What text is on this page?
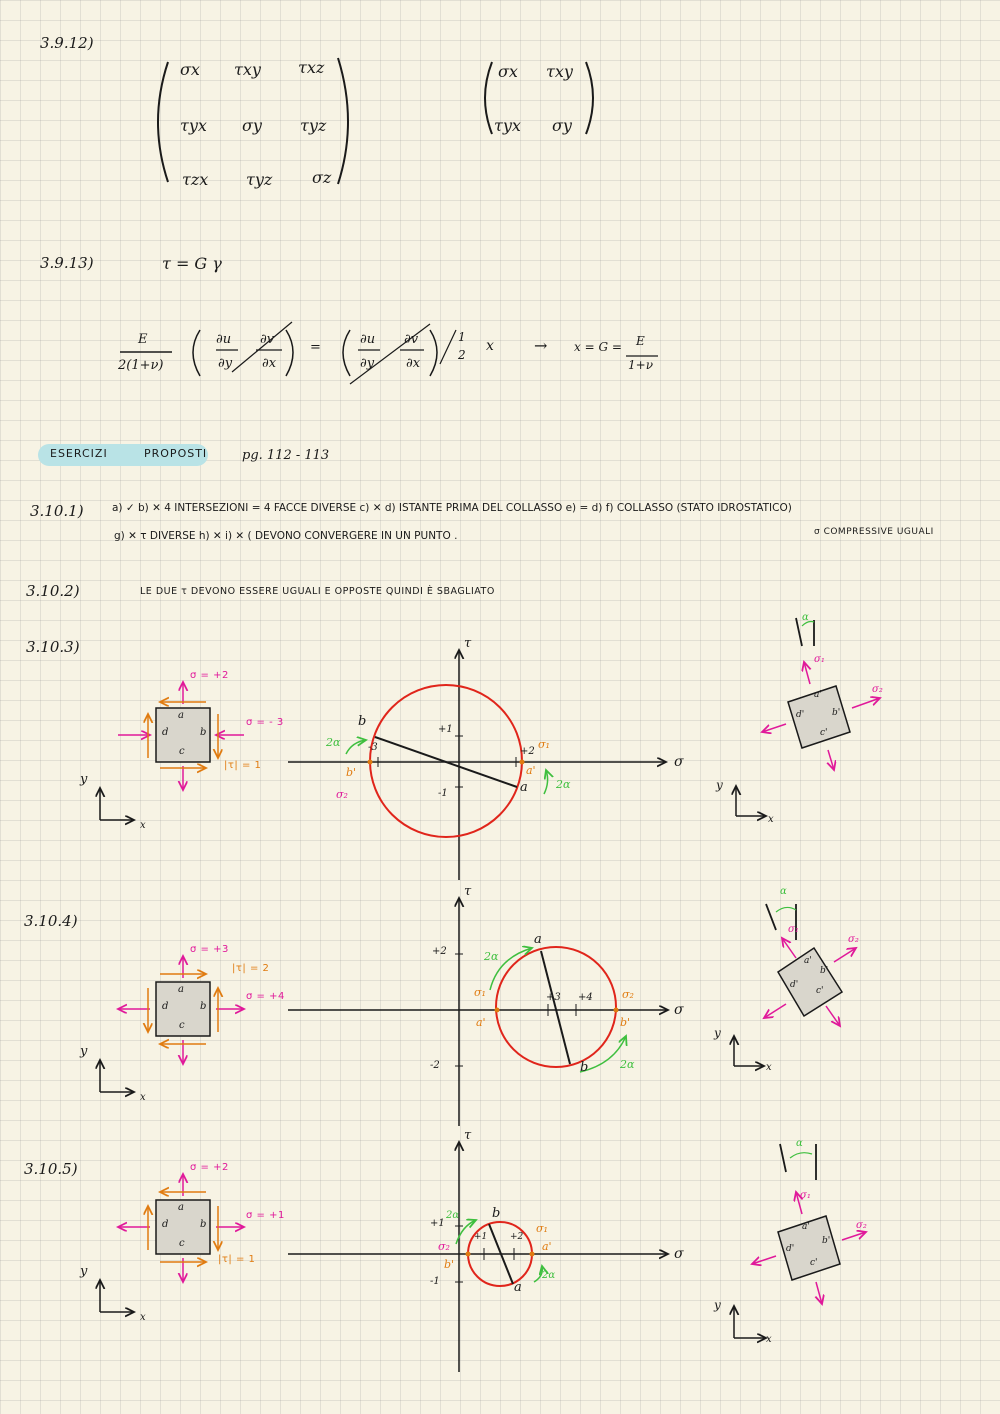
3.9.12)
σx τxy τxz
τyx σy τyz
τzx τyz σz
σx τxy
τyx σy
3.9.13)	τ = G γ
E
2(1+ν)
∂u
∂y
∂v
∂x
=
∂u
∂y
∂v
∂x
1
2
x	→ x = G = E
1+ν
ESERCIZI	PROPOSTI	pg. 112 - 113
3.10.1)	a) ✓ b) ✕ 4 INTERSEZIONI = 4 FACCE DIVERSE c) ✕ d) ISTANTE PRIMA DEL COLLASSO e) = d) f) COLLASSO (STATO IDROSTATICO)
g) ✕ τ DIVERSE h) ✕ i) ✕ ( DEVONO CONVERGERE IN UN PUNTO .	σ COMPRESSIVE UGUALI
3.10.2)	LE DUE τ DEVONO ESSERE UGUALI E OPPOSTE QUINDI È SBAGLIATO
3.10.3)
σ = +2
σ = - 3
|τ| = 1
a
b
c
d
y
x
τ
σ
+1
-1
-3	+2
b
a
b'	a'
σ₁
σ₂
2α
2α
α
σ₁
σ₂
a'
b'
c'
d'
y
x
3.10.4)
σ = +3
|τ| = 2
σ = +4
a
b
c
d
y
x
τ
σ
+2
-2
+3 +4
a
b
a'	b'
σ₁	σ₂
2α
2α
α
σ₁
σ₂
a'
b'
c'
d'
y
x
3.10.5)	σ = +2
σ = +1
|τ| = 1
a
b
c
d
y
x
τ
σ
+1
-1
+1	+2
b
a
b'
a'
σ₁
σ₂
2α
2α
α
σ₁
σ₂
a'
b'
c'
d'
y
x
